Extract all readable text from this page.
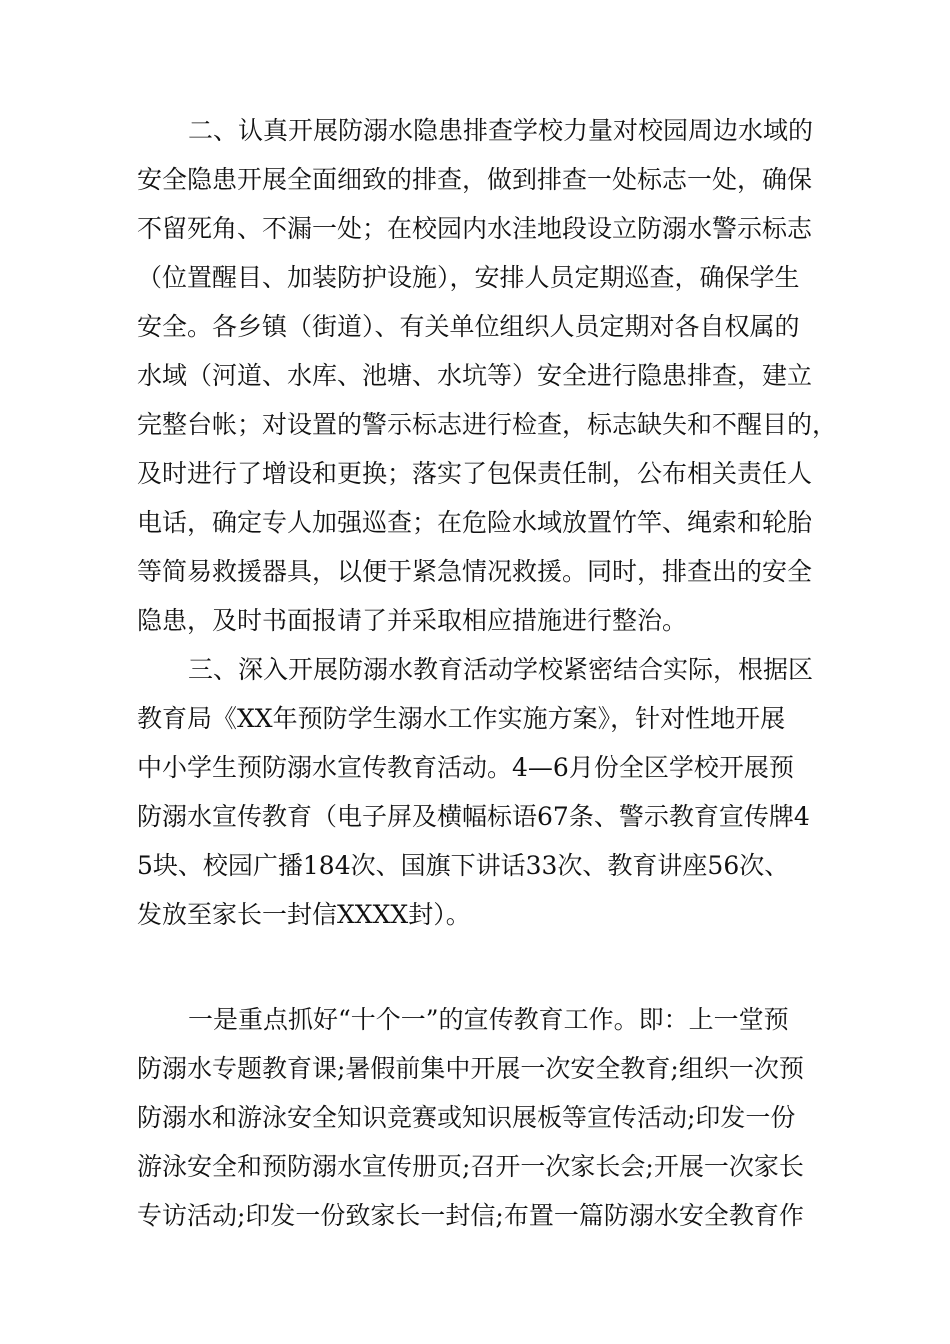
二、认真开展防溺水隐患排查学校力量对校园周边水域的
安全隐患开展全面细致的排查，做到排查一处标志一处，确保
不留死角、不漏一处；在校园内水洼地段设立防溺水警示标志
（位置醒目、加装防护设施），安排人员定期巡查，确保学生
安全。各乡镇（街道）、有关单位组织人员定期对各自权属的
水域（河道、水库、池塘、水坑等）安全进行隐患排查，建立
完整台帐；对设置的警示标志进行检查，标志缺失和不醒目的，
及时进行了增设和更换；落实了包保责任制，公布相关责任人
电话，确定专人加强巡查；在危险水域放置竹竿、绳索和轮胎
等简易救援器具，以便于紧急情况救援。同时，排查出的安全
隐患，及时书面报请了并采取相应措施进行整治。
三、深入开展防溺水教育活动学校紧密结合实际，根据区
教育局《XX年预防学生溺水工作实施方案》，针对性地开展
中小学生预防溺水宣传教育活动。4—6月份全区学校开展预
防溺水宣传教育（电子屏及横幅标语67条、警示教育宣传牌4
5块、校园广播184次、国旗下讲话33次、教育讲座56次、
发放至家长一封信XXXX封）。
一是重点抓好“十个一”的宣传教育工作。即：上一堂预
防溺水专题教育课;暑假前集中开展一次安全教育;组织一次预
防溺水和游泳安全知识竞赛或知识展板等宣传活动;印发一份
游泳安全和预防溺水宣传册页;召开一次家长会;开展一次家长
专访活动;印发一份致家长一封信;布置一篇防溺水安全教育作
